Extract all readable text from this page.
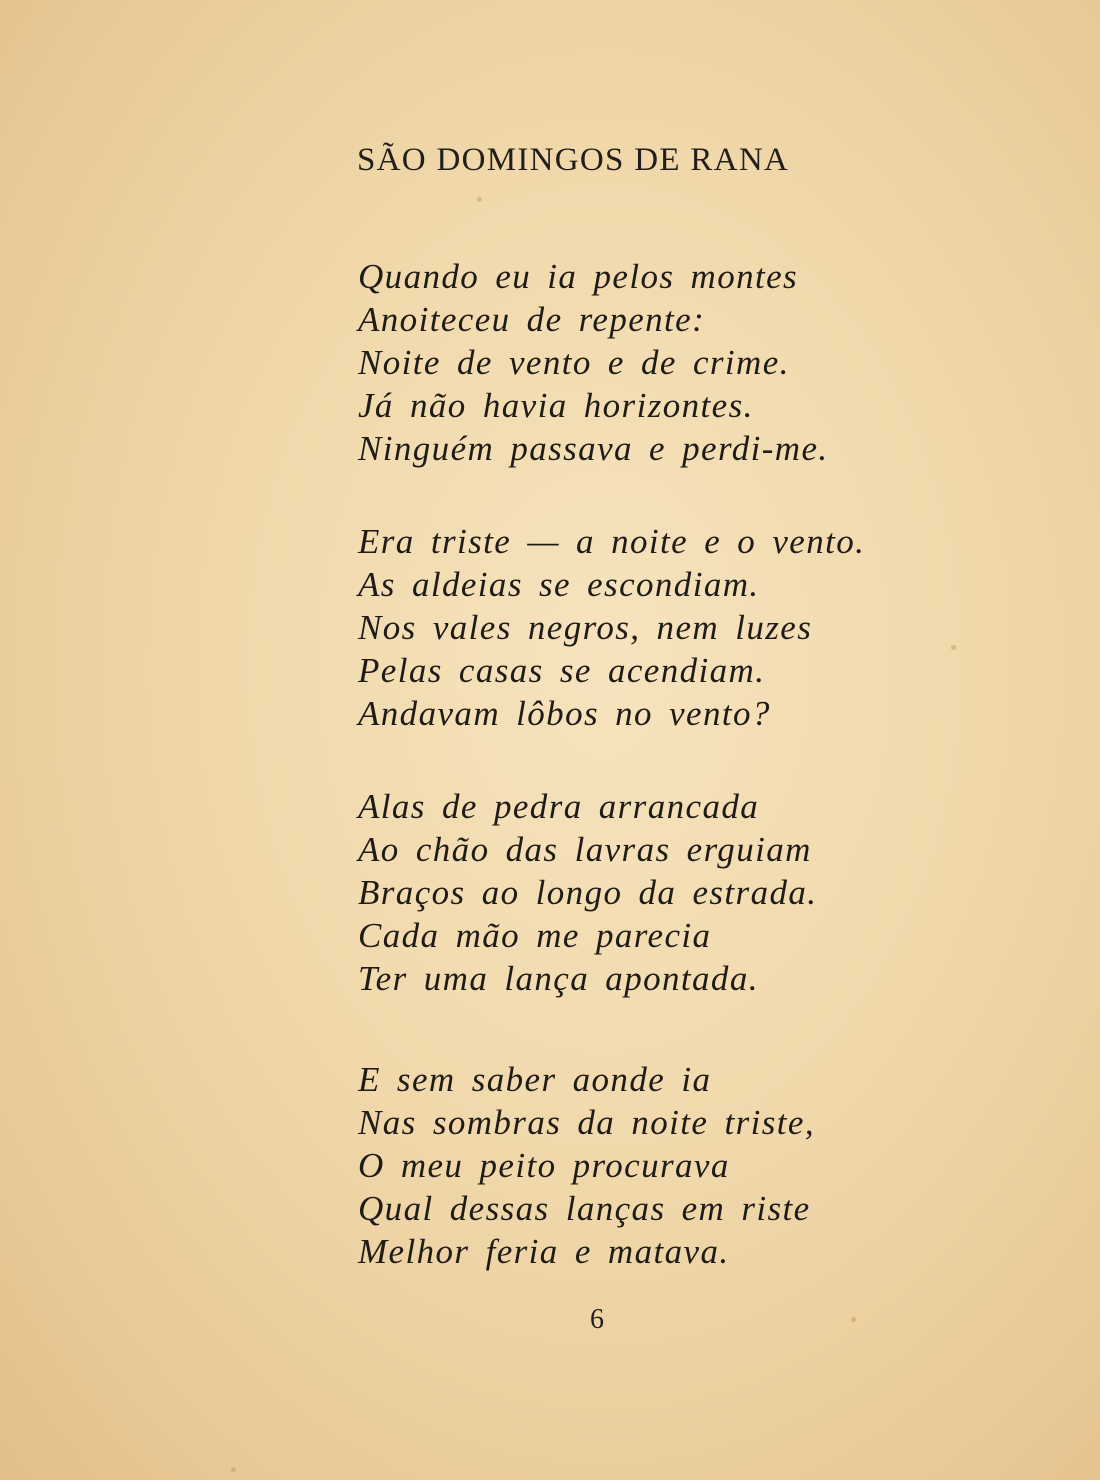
SÃO DOMINGOS DE RANA
Quando eu ia pelos montes
Anoiteceu de repente:
Noite de vento e de crime.
Já não havia horizontes.
Ninguém passava e perdi-me.
Era triste — a noite e o vento.
As aldeias se escondiam.
Nos vales negros, nem luzes
Pelas casas se acendiam.
Andavam lôbos no vento?
Alas de pedra arrancada
Ao chão das lavras erguiam
Braços ao longo da estrada.
Cada mão me parecia
Ter uma lança apontada.
E sem saber aonde ia
Nas sombras da noite triste,
O meu peito procurava
Qual dessas lanças em riste
Melhor feria e matava.
6
